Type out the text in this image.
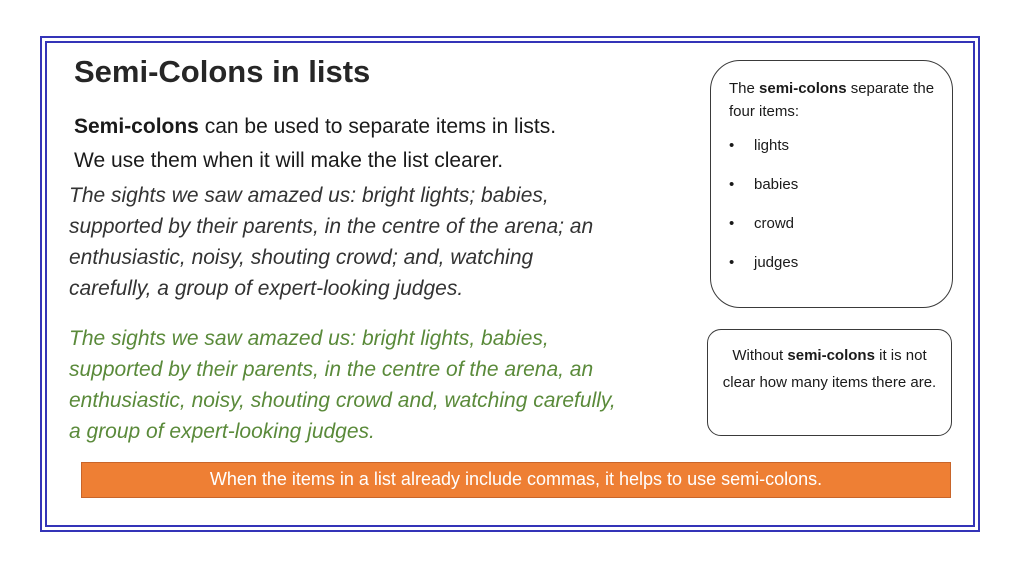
Semi-Colons in lists
Semi-colons can be used to separate items in lists.
We use them when it will make the list clearer.
The sights we saw amazed us: bright lights; babies,
supported by their parents, in the centre of the arena; an
enthusiastic, noisy, shouting crowd; and, watching
carefully, a group of expert-looking judges.
The sights we saw amazed us: bright lights, babies,
supported by their parents, in the centre of the arena, an
enthusiastic, noisy, shouting crowd and, watching carefully,
a group of expert-looking judges.
The semi-colons separate the four items:
•	lights
•	babies
•	crowd
•	judges
Without semi-colons it is not clear how many items there are.
When the items in a list already include commas, it helps to use semi-colons.
